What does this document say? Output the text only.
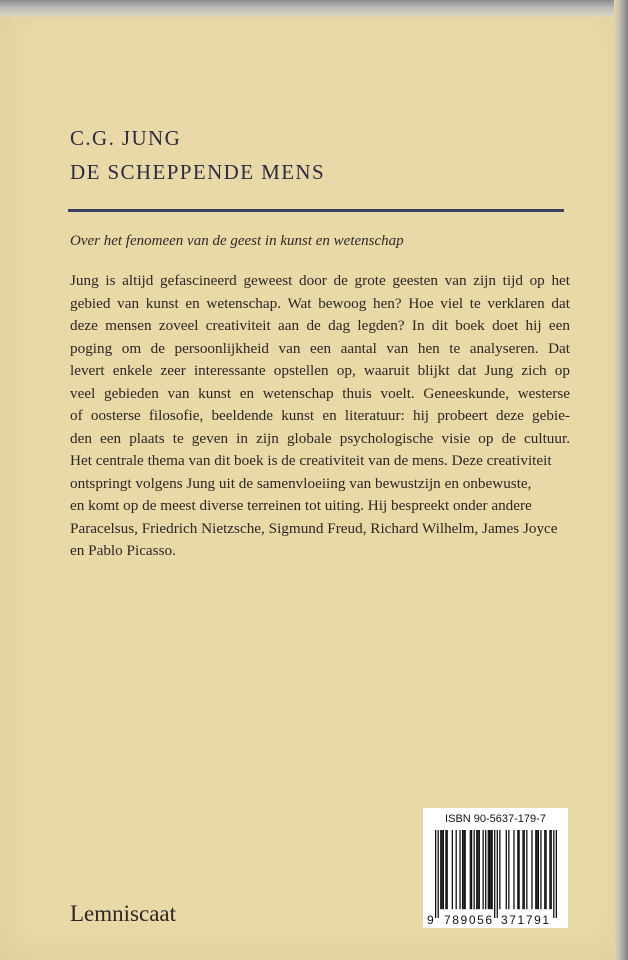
C.G. JUNG
DE SCHEPPENDE MENS
Over het fenomeen van de geest in kunst en wetenschap
Jung is altijd gefascineerd geweest door de grote geesten van zijn tijd op het
gebied van kunst en wetenschap. Wat bewoog hen? Hoe viel te verklaren dat
deze mensen zoveel creativiteit aan de dag legden? In dit boek doet hij een
poging om de persoonlijkheid van een aantal van hen te analyseren. Dat
levert enkele zeer interessante opstellen op, waaruit blijkt dat Jung zich op
veel gebieden van kunst en wetenschap thuis voelt. Geneeskunde, westerse
of oosterse filosofie, beeldende kunst en literatuur: hij probeert deze gebie-
den een plaats te geven in zijn globale psychologische visie op de cultuur.
Het centrale thema van dit boek is de creativiteit van de mens. Deze creativiteit
ontspringt volgens Jung uit de samenvloeiing van bewustzijn en onbewuste,
en komt op de meest diverse terreinen tot uiting. Hij bespreekt onder andere
Paracelsus, Friedrich Nietzsche, Sigmund Freud, Richard Wilhelm, James Joyce
en Pablo Picasso.
Lemniscaat
ISBN 90-5637-179-7
9 789056 371791
